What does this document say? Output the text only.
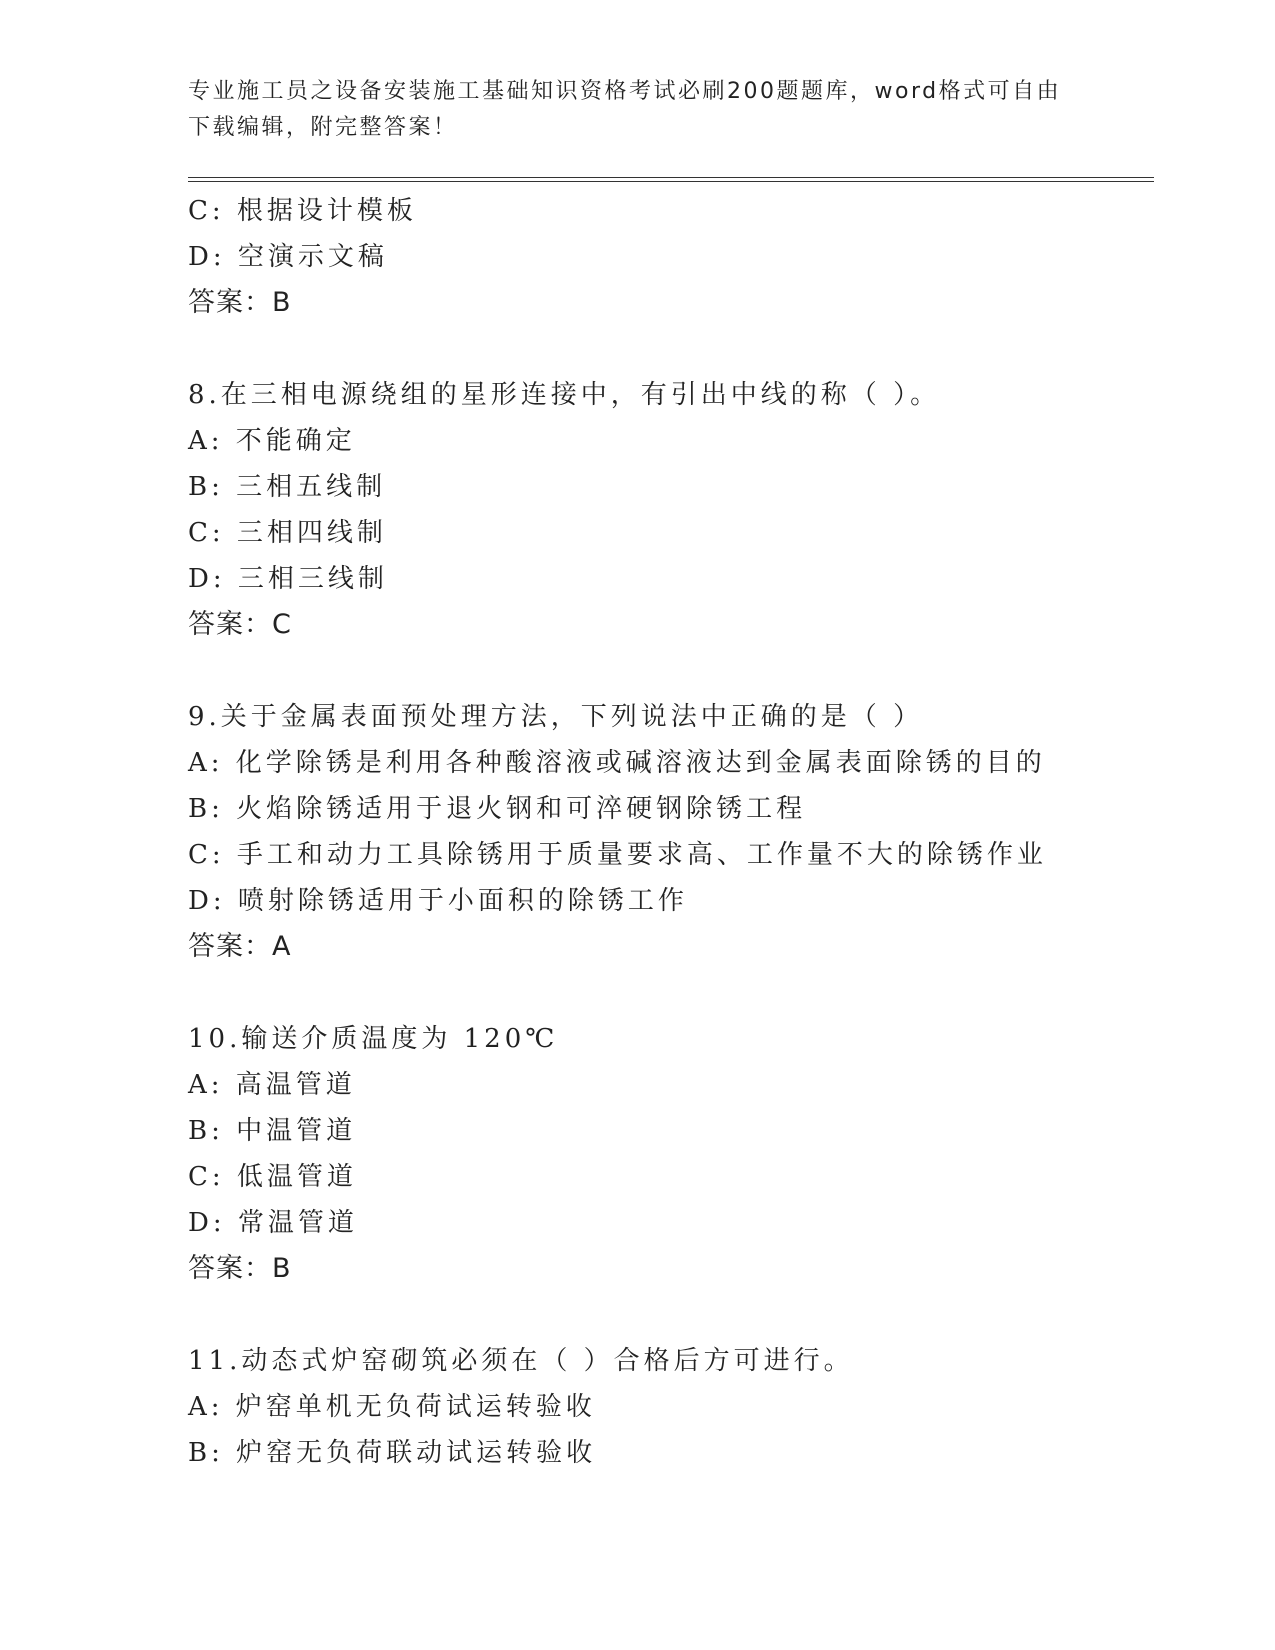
专业施工员之设备安装施工基础知识资格考试必刷200题题库，word格式可自由
下载编辑，附完整答案！
C: 根据设计模板
D: 空演示文稿
答案：B
8.在三相电源绕组的星形连接中，有引出中线的称（ ）。
A: 不能确定
B: 三相五线制
C: 三相四线制
D: 三相三线制
答案：C
9.关于金属表面预处理方法，下列说法中正确的是（ ）
A: 化学除锈是利用各种酸溶液或碱溶液达到金属表面除锈的目的
B: 火焰除锈适用于退火钢和可淬硬钢除锈工程
C: 手工和动力工具除锈用于质量要求高、工作量不大的除锈作业
D: 喷射除锈适用于小面积的除锈工作
答案：A
10.输送介质温度为 120℃
A: 高温管道
B: 中温管道
C: 低温管道
D: 常温管道
答案：B
11.动态式炉窑砌筑必须在（ ）合格后方可进行。
A: 炉窑单机无负荷试运转验收
B: 炉窑无负荷联动试运转验收
